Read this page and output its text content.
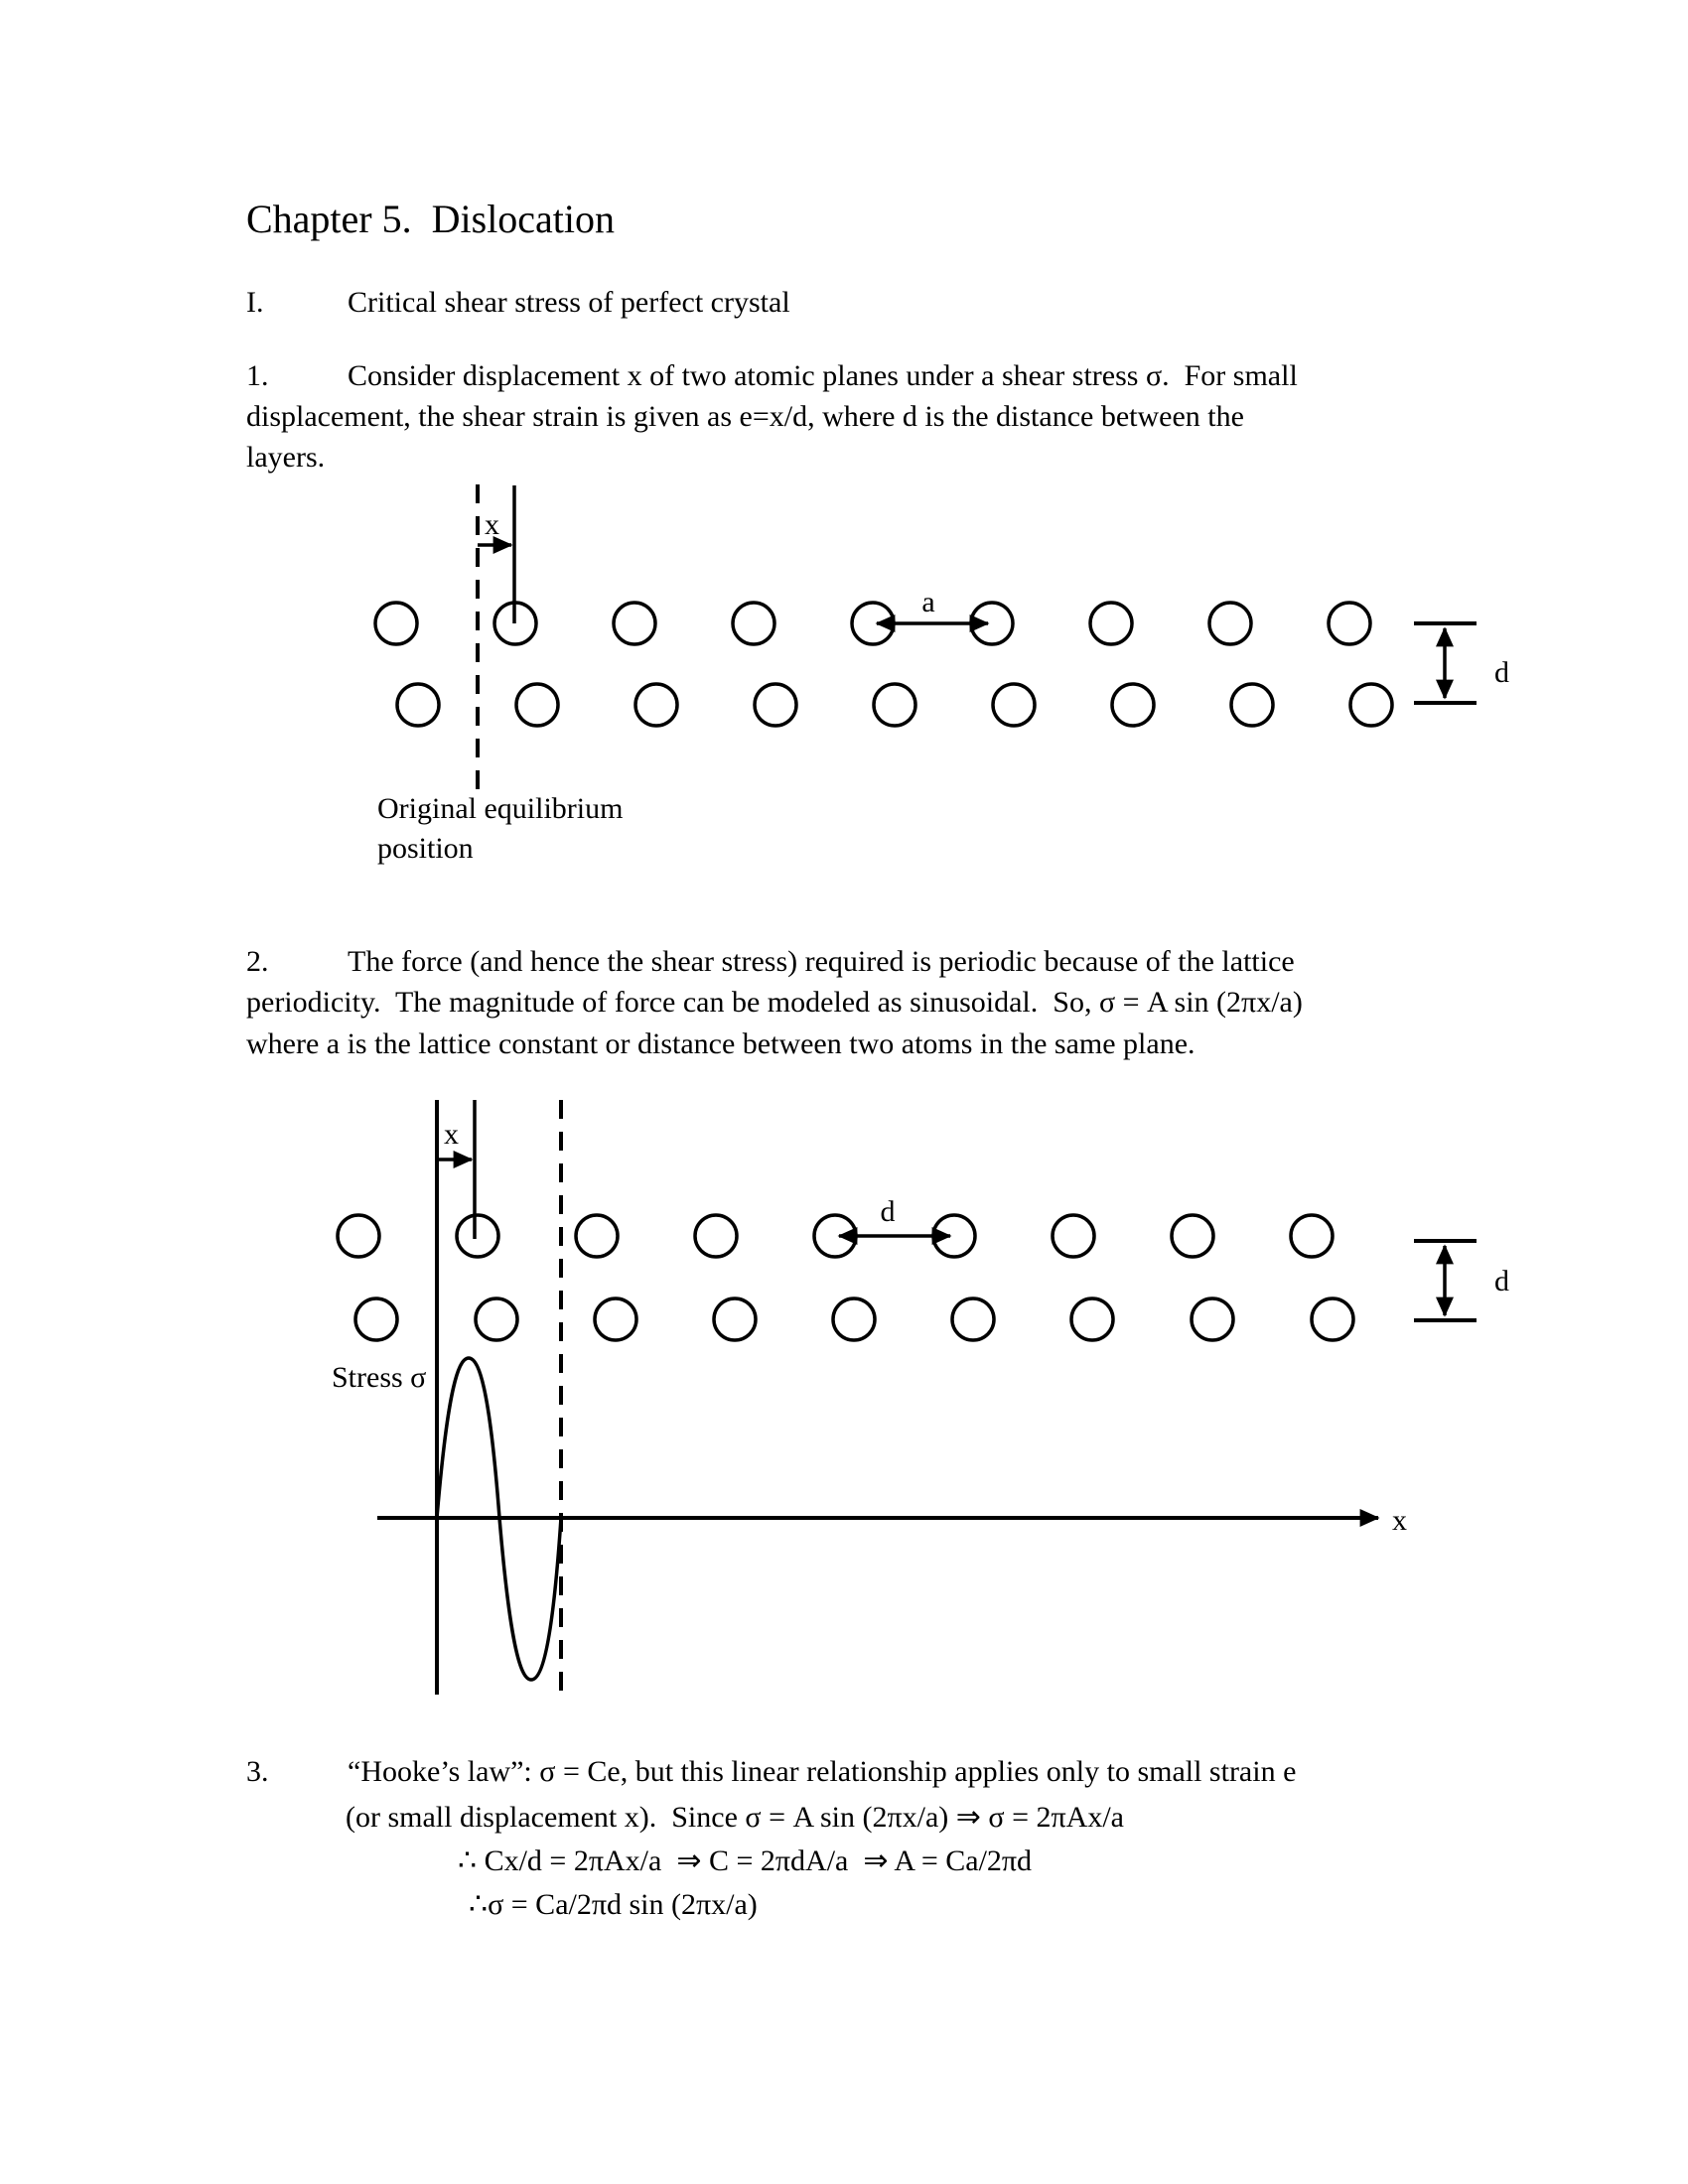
Chapter 5.  Dislocation
I.	Critical shear stress of perfect crystal
1.	Consider displacement x of two atomic planes under a shear stress σ.  For small
displacement, the shear strain is given as e=x/d, where d is the distance between the
layers.
x
a
d
Original equilibrium
position
2.	The force (and hence the shear stress) required is periodic because of the lattice
periodicity.  The magnitude of force can be modeled as sinusoidal.  So, σ = A sin (2πx/a)
where a is the lattice constant or distance between two atoms in the same plane.
x
d
d
x
Stress σ
3.	“Hooke’s law”: σ = Ce, but this linear relationship applies only to small strain e
(or small displacement x).  Since σ = A sin (2πx/a) ⇒ σ = 2πAx/a
∴ Cx/d = 2πAx/a  ⇒ C = 2πdA/a  ⇒ A = Ca/2πd
∴σ = Ca/2πd sin (2πx/a)
